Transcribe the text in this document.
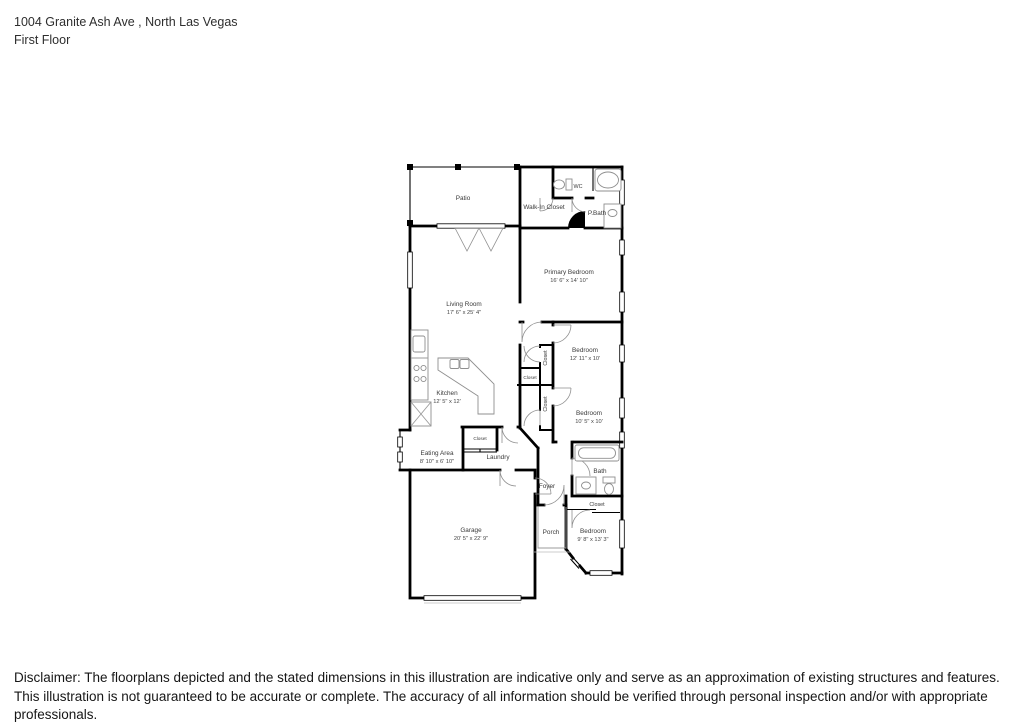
1004 Granite Ash Ave , North Las Vegas
First Floor
Patio
WC
Walk-In Closet
P.Bath
Primary Bedroom
16' 6" x 14' 10"
Living Room
17' 6" x 25' 4"
Bedroom
12' 11" x 10'
Bedroom
10' 5" x 10'
Kitchen
12' 5" x 12'
Eating Area
8' 10" x 6' 10"
Laundry
Foyer
Bath
Garage
20' 5" x 22' 9"
Porch	Bedroom
9' 8" x 13' 3"
Closet
Closet
Closet
Closet
Closet
Disclaimer: The floorplans depicted and the stated dimensions in this illustration are indicative only and serve as an approximation of existing structures and features.
This illustration is not guaranteed to be accurate or complete. The accuracy of all information should be verified through personal inspection and/or with appropriate professionals.
